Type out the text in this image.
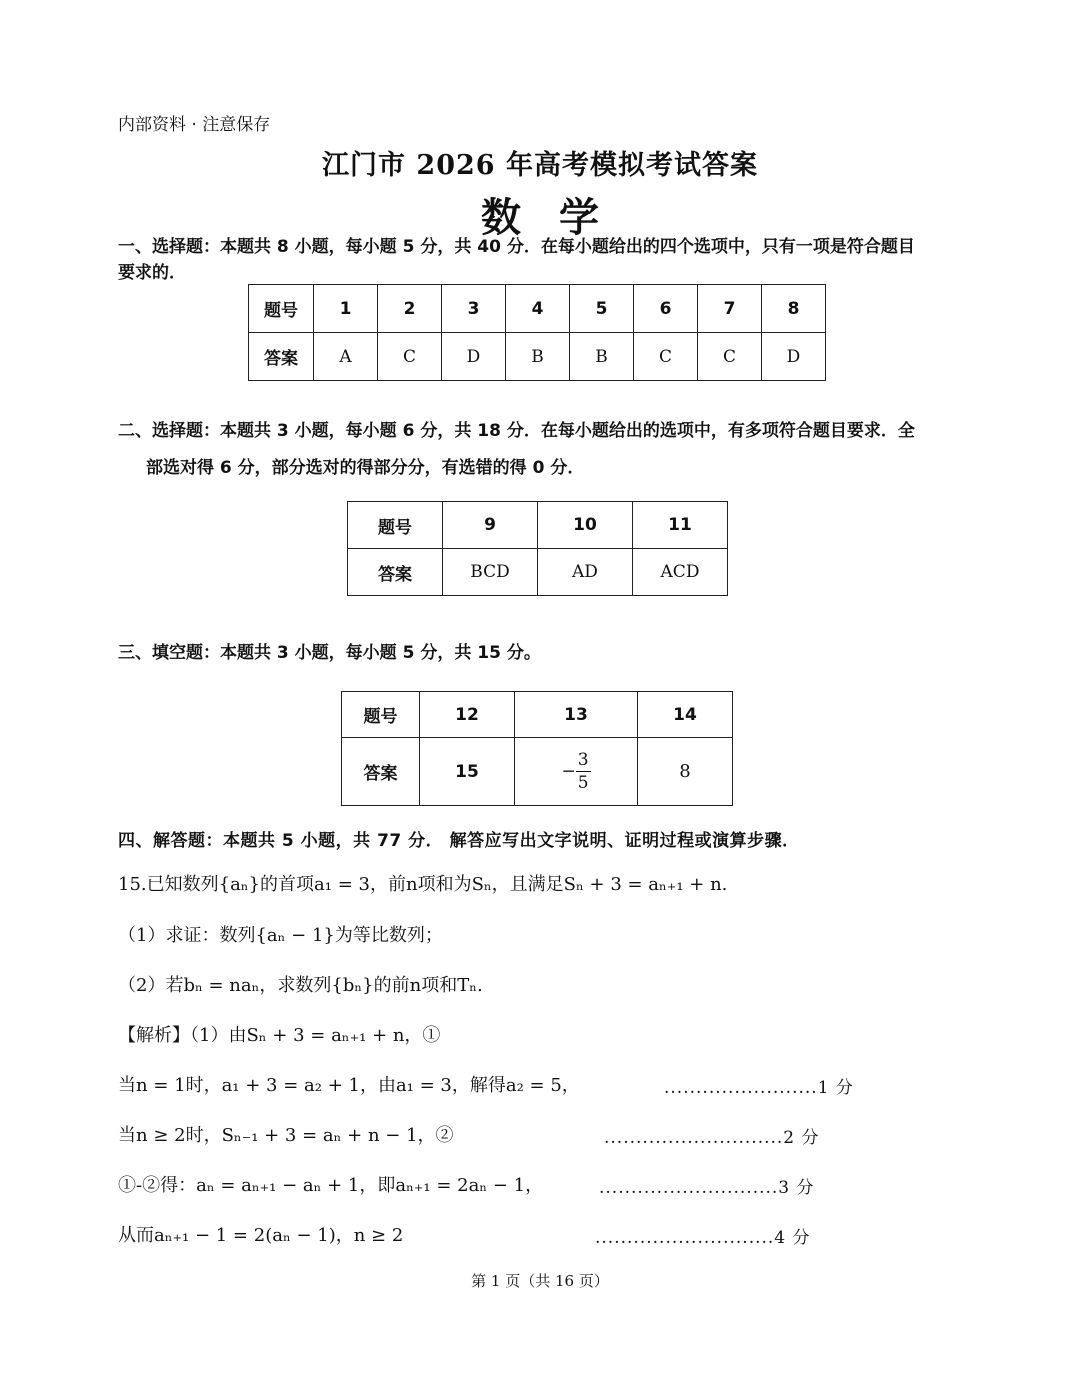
内部资料 · 注意保存
江门市 2026 年高考模拟考试答案
数学
一、选择题：本题共 8 小题，每小题 5 分，共 40 分．在每小题给出的四个选项中，只有一项是符合题目
要求的．
题号	1	2	3	4	5	6	7	8
答案	A	C	D	B	B	C	C	D
二、选择题：本题共 3 小题，每小题 6 分，共 18 分．在每小题给出的选项中，有多项符合题目要求．全
部选对得 6 分，部分选对的得部分分，有选错的得 0 分．
题号	9	10	11
答案	BCD	AD	ACD
三、填空题：本题共 3 小题，每小题 5 分，共 15 分。
题号	12	13	14
答案	15	− $\frac{3}{5}$	8
四、解答题：本题共 5 小题，共 77 分． 解答应写出文字说明、证明过程或演算步骤．
15.已知数列{aₙ}的首项a₁ = 3，前n项和为Sₙ，且满足Sₙ + 3 = aₙ₊₁ + n.
（1）求证：数列{aₙ − 1}为等比数列；
（2）若bₙ = naₙ，求数列{bₙ}的前n项和Tₙ.
【解析】（1）由Sₙ + 3 = aₙ₊₁ + n，①
当n = 1时，a₁ + 3 = a₂ + 1，由a₁ = 3，解得a₂ = 5，	........................1 分
当n ≥ 2时，Sₙ₋₁ + 3 = aₙ + n − 1，②	............................2 分
①-②得：aₙ = aₙ₊₁ − aₙ + 1，即aₙ₊₁ = 2aₙ − 1，	............................3 分
从而aₙ₊₁ − 1 = 2(aₙ − 1)，n ≥ 2	............................4 分
第 1 页（共 16 页）
